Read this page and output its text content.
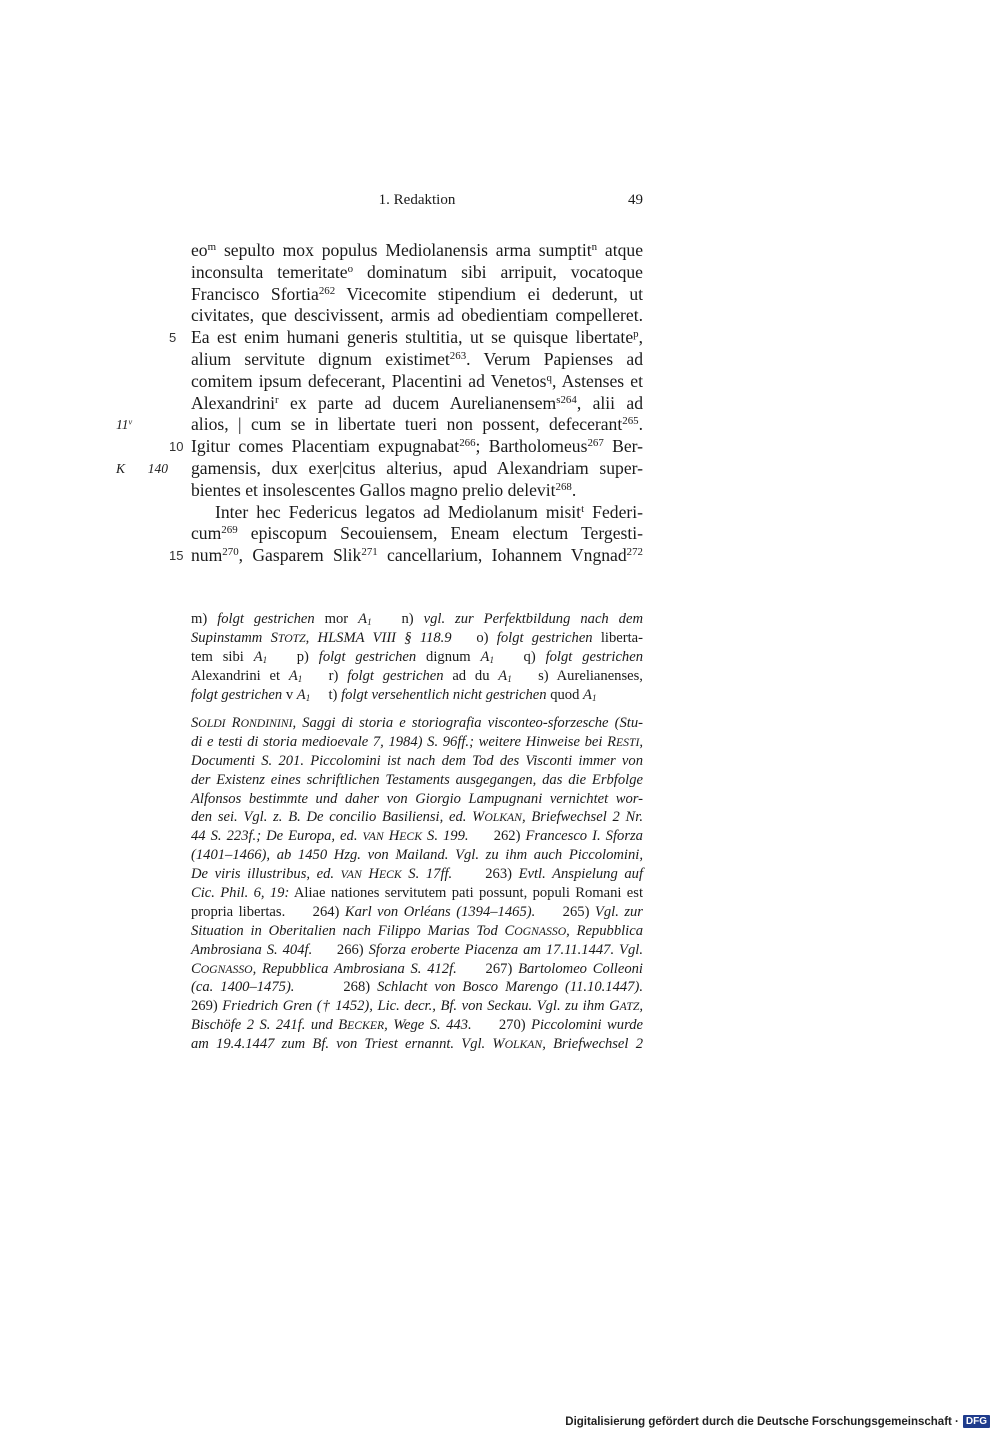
1. Redaktion	49
$eo^m$ sepulto mox populus Mediolanensis arma sumptit$^n$ atque
inconsulta temeritate$^o$ dominatum sibi arripuit, vocatoque
Francisco Sfortia$^{262}$ Vicecomite stipendium ei dederunt, ut
civitates, que descivissent, armis ad obedientiam compelleret.
Ea est enim humani generis stultitia, ut se quisque libertate$^p$,
5
alium servitute dignum existimet$^{263}$. Verum Papienses ad
comitem ipsum defecerant, Placentini ad Venetos$^q$, Astenses et
Alexandrini$^r$ ex parte ad ducem Aurelianensem$^{s264}$, alii ad
alios, | cum se in libertate tueri non possent, defecerant$^{265}$.
11$^v$
Igitur comes Placentiam expugnabat$^{266}$; Bartholomeus$^{267}$ Ber-
10
gamensis, dux exer|citus alterius, apud Alexandriam super-
K 140
bientes et insolescentes Gallos magno prelio delevit$^{268}$.
Inter hec Federicus legatos ad Mediolanum misit$^t$ Federi-
cum$^{269}$ episcopum Secouiensem, Eneam electum Tergesti-
num$^{270}$, Gasparem Slik$^{271}$ cancellarium, Iohannem Vngnad$^{272}$
15
m) folgt gestrichen mor $A_1$   n) vgl. zur Perfektbildung nach dem
Supinstamm STOTZ, HLSMA VIII § 118.9   o) folgt gestrichen liberta-
tem sibi $A_1$   p) folgt gestrichen dignum $A_1$   q) folgt gestrichen
Alexandrini et $A_1$   r) folgt gestrichen ad du $A_1$   s) Aurelianenses,
folgt gestrichen v $A_1$     t) folgt versehentlich nicht gestrichen quod $A_1$
SOLDI RONDININI, Saggi di storia e storiografia visconteo-sforzesche (Stu-
di e testi di storia medioevale 7, 1984) S. 96ff.; weitere Hinweise bei RESTI,
Documenti S. 201. Piccolomini ist nach dem Tod des Visconti immer von
der Existenz eines schriftlichen Testaments ausgegangen, das die Erbfolge
Alfonsos bestimmte und daher von Giorgio Lampugnani vernichtet wor-
den sei. Vgl. z. B. De concilio Basiliensi, ed. WOLKAN, Briefwechsel 2 Nr.
44 S. 223f.; De Europa, ed. VAN HECK S. 199.     262) Francesco I. Sforza
(1401–1466), ab 1450 Hzg. von Mailand. Vgl. zu ihm auch Piccolomini,
De viris illustribus, ed. VAN HECK S. 17ff.     263) Evtl. Anspielung auf
Cic. Phil. 6, 19: Aliae nationes servitutem pati possunt, populi Romani est
propria libertas.     264) Karl von Orléans (1394–1465).     265) Vgl. zur
Situation in Oberitalien nach Filippo Marias Tod COGNASSO, Repubblica
Ambrosiana S. 404f.     266) Sforza eroberte Piacenza am 17.11.1447. Vgl.
COGNASSO, Repubblica Ambrosiana S. 412f.     267) Bartolomeo Colleoni
(ca. 1400–1475).       268) Schlacht von Bosco Marengo (11.10.1447).
269) Friedrich Gren († 1452), Lic. decr., Bf. von Seckau. Vgl. zu ihm GATZ,
Bischöfe 2 S. 241f. und BECKER, Wege S. 443.     270) Piccolomini wurde
am 19.4.1447 zum Bf. von Triest ernannt. Vgl. WOLKAN, Briefwechsel 2
Digitalisierung gefördert durch die Deutsche Forschungsgemeinschaft · DFG
